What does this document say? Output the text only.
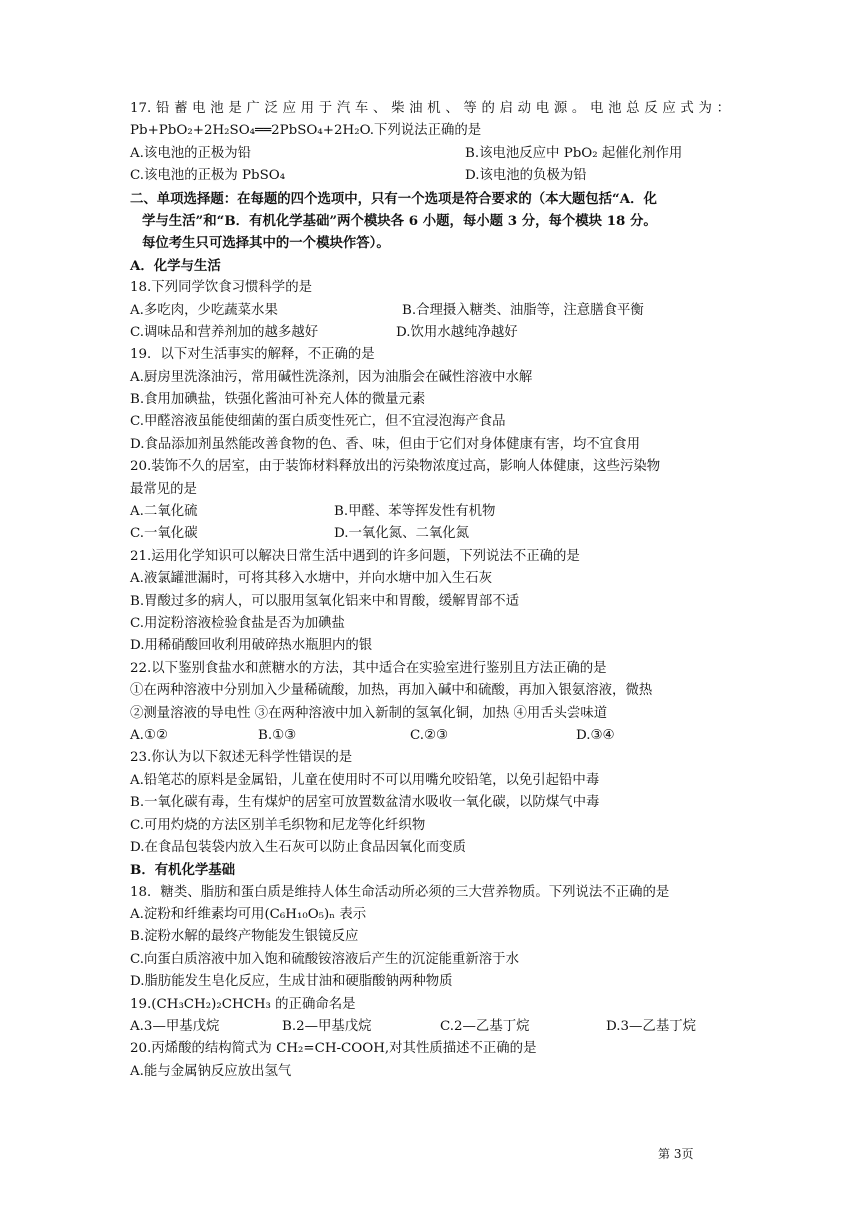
17.铅蓄电池是广泛应用于汽车、柴油机、等的启动电源。电池总反应式为：
Pb+PbO₂+2H₂SO₄══2PbSO₄+2H₂O.下列说法正确的是
A.该电池的正极为铅	B.该电池反应中 PbO₂ 起催化剂作用
C.该电池的正极为 PbSO₄	D.该电池的负极为铅
二、单项选择题：在每题的四个选项中，只有一个选项是符合要求的（本大题包括“A．化
学与生活”和“B．有机化学基础”两个模块各 6 小题，每小题 3 分，每个模块 18 分。
每位考生只可选择其中的一个模块作答）。
A．化学与生活
18.下列同学饮食习惯科学的是
A.多吃肉，少吃蔬菜水果	B.合理摄入糖类、油脂等，注意膳食平衡
C.调味品和营养剂加的越多越好	D.饮用水越纯净越好
19．以下对生活事实的解释，不正确的是
A.厨房里洗涤油污，常用碱性洗涤剂，因为油脂会在碱性溶液中水解
B.食用加碘盐，铁强化酱油可补充人体的微量元素
C.甲醛溶液虽能使细菌的蛋白质变性死亡，但不宜浸泡海产食品
D.食品添加剂虽然能改善食物的色、香、味，但由于它们对身体健康有害，均不宜食用
20.装饰不久的居室，由于装饰材料释放出的污染物浓度过高，影响人体健康，这些污染物
最常见的是
A.二氧化硫	B.甲醛、苯等挥发性有机物
C.一氧化碳	D.一氧化氮、二氧化氮
21.运用化学知识可以解决日常生活中遇到的许多问题，下列说法不正确的是
A.液氯罐泄漏时，可将其移入水塘中，并向水塘中加入生石灰
B.胃酸过多的病人，可以服用氢氧化铝来中和胃酸，缓解胃部不适
C.用淀粉溶液检验食盐是否为加碘盐
D.用稀硝酸回收利用破碎热水瓶胆内的银
22.以下鉴别食盐水和蔗糖水的方法，其中适合在实验室进行鉴别且方法正确的是
①在两种溶液中分别加入少量稀硫酸，加热，再加入碱中和硫酸，再加入银氨溶液，微热
②测量溶液的导电性 ③在两种溶液中加入新制的氢氧化铜，加热 ④用舌头尝味道
A.①②	B.①③	C.②③	D.③④
23.你认为以下叙述无科学性错误的是
A.铅笔芯的原料是金属铅，儿童在使用时不可以用嘴允咬铅笔，以免引起铅中毒
B.一氧化碳有毒，生有煤炉的居室可放置数盆清水吸收一氧化碳，以防煤气中毒
C.可用灼烧的方法区别羊毛织物和尼龙等化纤织物
D.在食品包装袋内放入生石灰可以防止食品因氧化而变质
B．有机化学基础
18．糖类、脂肪和蛋白质是维持人体生命活动所必须的三大营养物质。下列说法不正确的是
A.淀粉和纤维素均可用(C₆H₁₀O₅)ₙ 表示
B.淀粉水解的最终产物能发生银镜反应
C.向蛋白质溶液中加入饱和硫酸铵溶液后产生的沉淀能重新溶于水
D.脂肪能发生皂化反应，生成甘油和硬脂酸钠两种物质
19.(CH₃CH₂)₂CHCH₃ 的正确命名是
A.3—甲基戊烷	B.2—甲基戊烷	C.2—乙基丁烷	D.3—乙基丁烷
20.丙烯酸的结构简式为 CH₂=CH-COOH,对其性质描述不正确的是
A.能与金属钠反应放出氢气
第 3页
